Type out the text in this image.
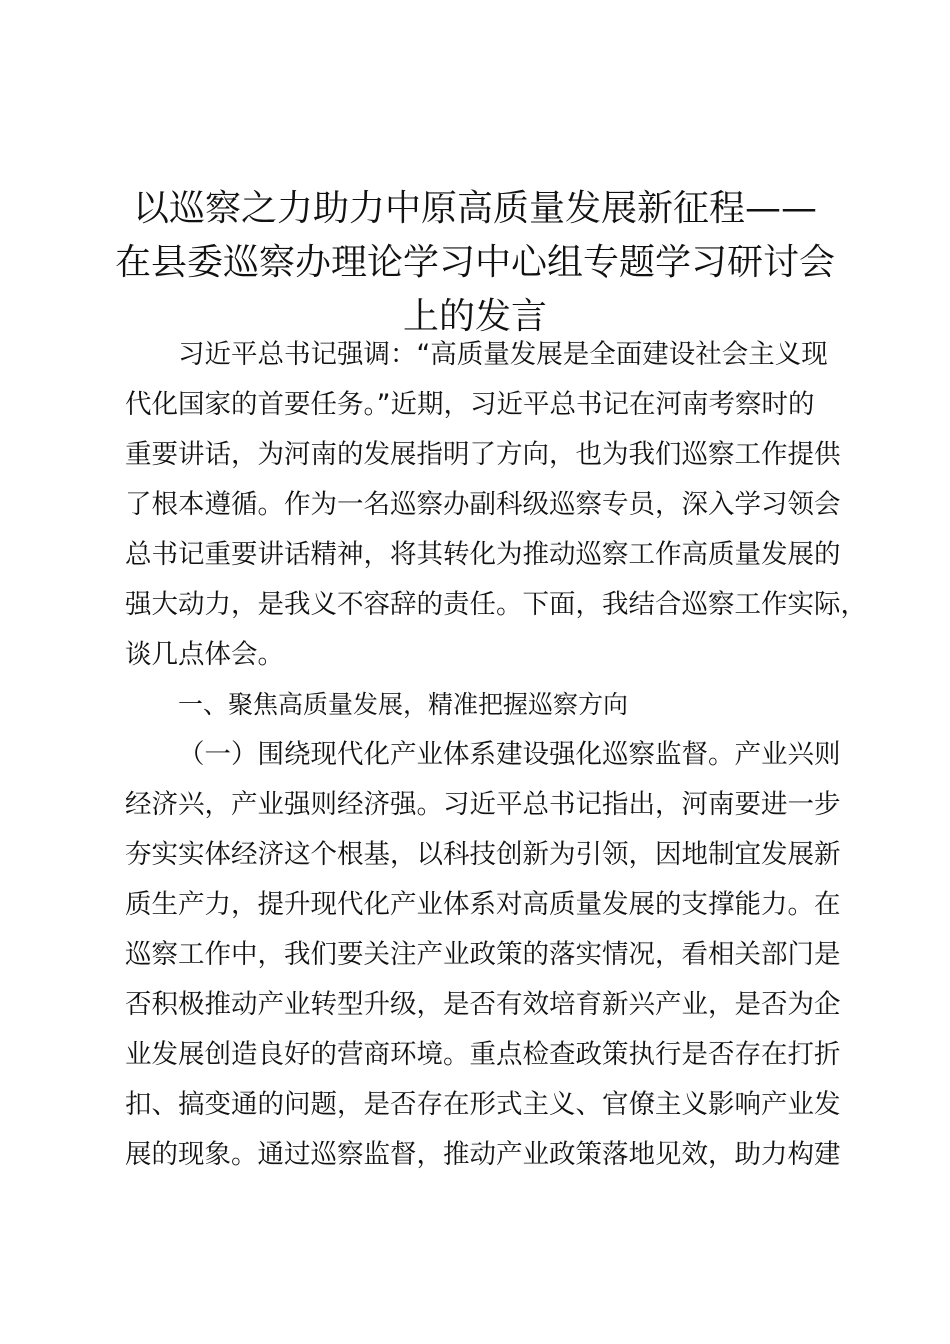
以巡察之力助力中原高质量发展新征程——
在县委巡察办理论学习中心组专题学习研讨会
上的发言
习近平总书记强调：“高质量发展是全面建设社会主义现
代化国家的首要任务。”近期，习近平总书记在河南考察时的
重要讲话，为河南的发展指明了方向，也为我们巡察工作提供
了根本遵循。作为一名巡察办副科级巡察专员，深入学习领会
总书记重要讲话精神，将其转化为推动巡察工作高质量发展的
强大动力，是我义不容辞的责任。下面，我结合巡察工作实际，
谈几点体会。
一、聚焦高质量发展，精准把握巡察方向
（一）围绕现代化产业体系建设强化巡察监督。产业兴则
经济兴，产业强则经济强。习近平总书记指出，河南要进一步
夯实实体经济这个根基，以科技创新为引领，因地制宜发展新
质生产力，提升现代化产业体系对高质量发展的支撑能力。在
巡察工作中，我们要关注产业政策的落实情况，看相关部门是
否积极推动产业转型升级，是否有效培育新兴产业，是否为企
业发展创造良好的营商环境。重点检查政策执行是否存在打折
扣、搞变通的问题，是否存在形式主义、官僚主义影响产业发
展的现象。通过巡察监督，推动产业政策落地见效，助力构建
